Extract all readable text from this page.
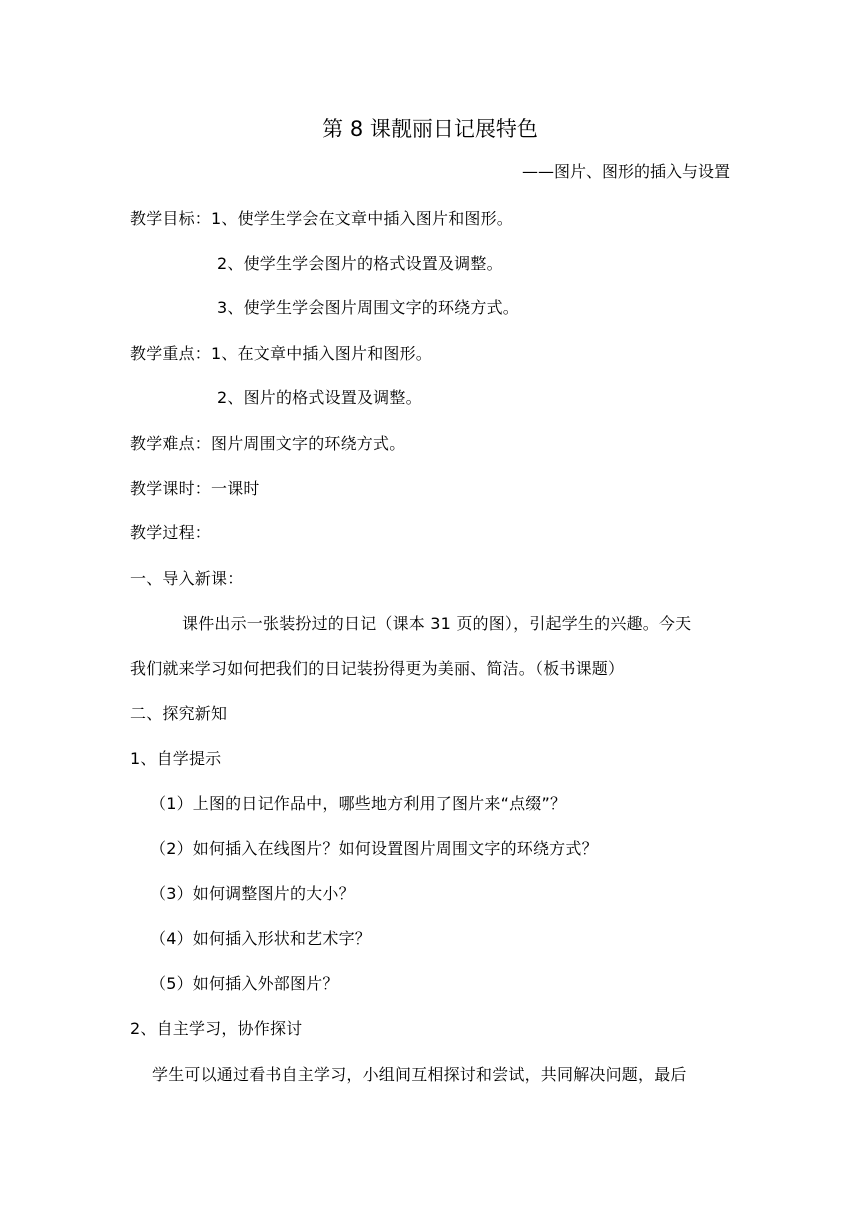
第 8 课靓丽日记展特色
——图片、图形的插入与设置
教学目标：1、使学生学会在文章中插入图片和图形。
2、使学生学会图片的格式设置及调整。
3、使学生学会图片周围文字的环绕方式。
教学重点：1、在文章中插入图片和图形。
2、图片的格式设置及调整。
教学难点：图片周围文字的环绕方式。
教学课时：一课时
教学过程：
一、导入新课：
课件出示一张装扮过的日记（课本 31 页的图），引起学生的兴趣。今天
我们就来学习如何把我们的日记装扮得更为美丽、简洁。（板书课题）
二、探究新知
1、自学提示
（1）上图的日记作品中，哪些地方利用了图片来“点缀”？
（2）如何插入在线图片？如何设置图片周围文字的环绕方式？
（3）如何调整图片的大小？
（4）如何插入形状和艺术字？
（5）如何插入外部图片？
2、自主学习，协作探讨
学生可以通过看书自主学习，小组间互相探讨和尝试，共同解决问题，最后
